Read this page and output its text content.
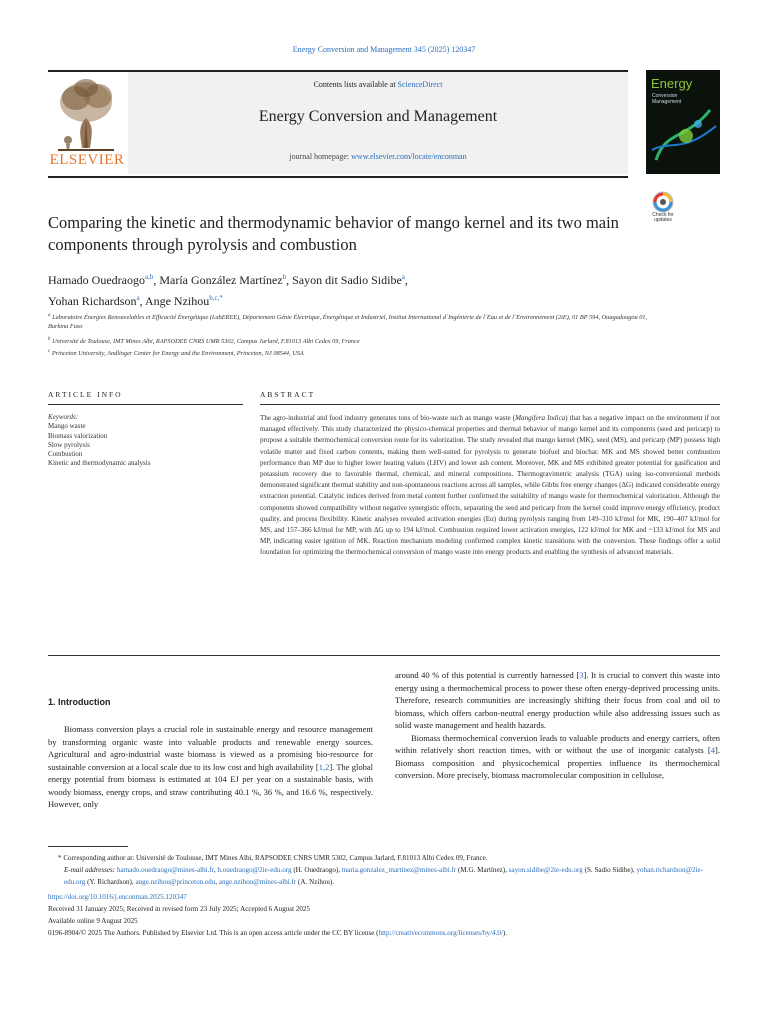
Energy Conversion and Management 345 (2025) 120347
ELSEVIER
Contents lists available at ScienceDirect
Energy Conversion and Management
journal homepage: www.elsevier.com/locate/enconman
Energy
Conversion
Management
Check for
updates
Comparing the kinetic and thermodynamic behavior of mango kernel and its two main components through pyrolysis and combustion
Hamado Ouedraogo$^{a,b}$, María González Martínez$^b$, Sayon dit Sadio Sidibe$^a$,
Yohan Richardson$^a$, Ange Nzihou$^{b,c,*}$
$^a$ Laboratoire Énergies Renouvelables et Efficacité Énergétique (LabEREE), Département Génie Électrique, Énergétique et Industriel, Institut International d´Ingénierie de l´Eau et de l´Environnement (2iE), 01 BP 594, Ouagadougou 01, Burkina Faso
$^b$ Université de Toulouse, IMT Mines Albi, RAPSODEE CNRS UMR 5302, Campus Jarlard, F.81013 Albi Cedex 09, France
$^c$ Princeton University, Andlinger Center for Energy and the Environment, Princeton, NJ 08544, USA
ARTICLE INFO	ABSTRACT
Keywords:
Mango waste
Biomass valorization
Slow pyrolysis
Combustion
Kinetic and thermodynamic analysis
The agro-industrial and food industry generates tons of bio-waste such as mango waste (Mangifera Indica) that has a negative impact on the environment if not managed effectively. This study characterized the physico-chemical properties and thermal behavior of mango kernel and its components (seed and pericarp) to propose a suitable thermochemical conversion route for its valorization. The study revealed that mango kernel (MK), seed (MS), and pericarp (MP) possess high volatile matter and fixed carbon contents, making them well-suited for pyrolysis to generate biofuel and biochar. MK and MS showed better combustion performance than MP due to higher lower heating values (LHV) and lower ash content. Moreover, MK and MS exhibited greater potential for gasification and potassium recovery due to favorable thermal, chemical, and mineral compositions. Thermogravimetric analysis (TGA) using iso-conversional methods demonstrated significant thermal stability and non-spontaneous reactions across all samples, while Gibbs free energy changes (ΔG) indicated considerable energy extraction potential. Catalytic indices derived from metal content further confirmed the suitability of mango waste for thermochemical valorization. Although the components showed compatibility without negative synergistic effects, separating the seed and pericarp from the kernel could improve energy efficiency, product quality, and process flexibility. Kinetic analyses revealed activation energies (Eα) during pyrolysis ranging from 149–310 kJ/mol for MK, 190–407 kJ/mol for MS, and 157–366 kJ/mol for MP, with ΔG up to 194 kJ/mol. Combustion required lower activation energies, 122 kJ/mol for MK and ~133 kJ/mol for MS and MP, indicating easier ignition of MK. Reaction mechanism modeling confirmed complex kinetic transitions with the conversion. These findings offer a solid foundation for optimizing the thermochemical conversion of mango waste into energy products and enabling the synthesis of advanced materials.
1. Introduction

Biomass conversion plays a crucial role in sustainable energy and resource management by transforming organic waste into valuable products and renewable energy sources. Agricultural and agro-industrial waste biomass is viewed as a promising bio-resource for sustainable conversion at a local scale due to its low cost and high availability [1,2]. The global energy potential from biomass is estimated at 104 EJ per year on a sustainable basis, with woody biomass, energy crops, and straw contributing 40.1 %, 36 %, and 16.6 %, respectively. However, only

around 40 % of this potential is currently harnessed [3]. It is crucial to convert this waste into energy using a thermochemical process to power these often energy-deprived processing units. Therefore, research communities are increasingly shifting their focus from coal and oil to biomass, which offers carbon-neutral energy production while also addressing issues such as solid waste management and health hazards.

Biomass thermochemical conversion leads to valuable products and energy carriers, often within relatively short reaction times, with or without the use of inorganic catalysts [4]. Biomass composition and physicochemical properties influence its thermochemical conversion. More precisely, biomass macromolecular composition in cellulose,

* Corresponding author at: Université de Toulouse, IMT Mines Albi, RAPSODEE CNRS UMR 5302, Campus Jarlard, F.81013 Albi Cedex 09, France.

E-mail addresses: hamado.ouedraogo@mines-albi.fr, h.ouedraogo@2ie-edu.org (H. Ouedraogo), maria.gonzalez_martinez@mines-albi.fr (M.G. Martínez), sayon.sidibe@2ie-edu.org (S. Sadio Sidibe), yohan.richardson@2ie-edu.org (Y. Richardson), ange.nzihou@princeton.edu, ange.nzihou@mines-albi.fr (A. Nzihou).

https://doi.org/10.1016/j.enconman.2025.120347

Received 31 January 2025; Received in revised form 23 July 2025; Accepted 6 August 2025

Available online 9 August 2025

0196-8904/© 2025 The Authors. Published by Elsevier Ltd. This is an open access article under the CC BY license (http://creativecommons.org/licenses/by/4.0/).
